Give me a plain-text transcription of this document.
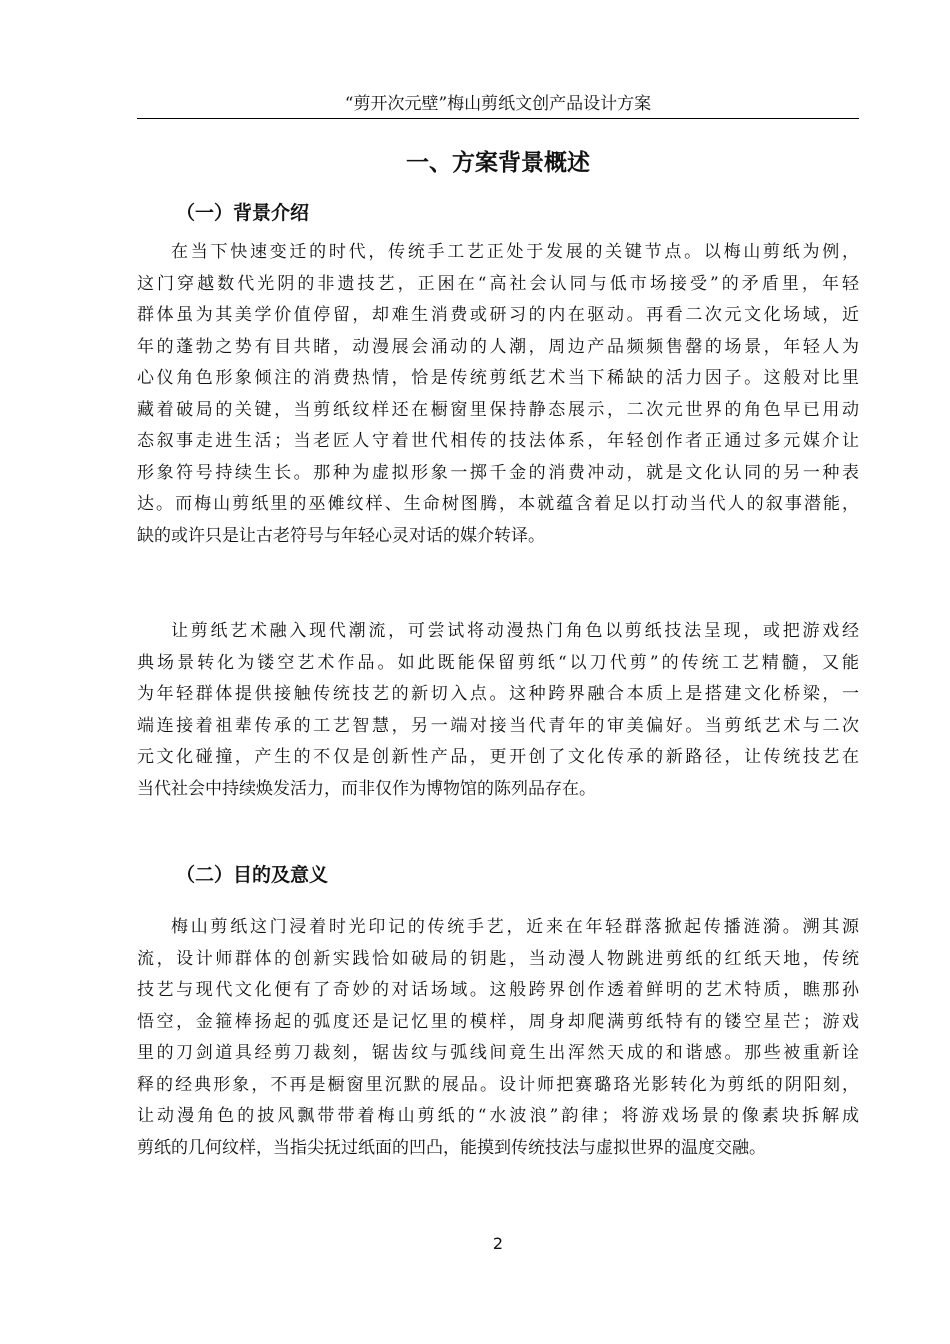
“剪开次元壁”梅山剪纸文创产品设计方案
一、方案背景概述
（一）背景介绍
在当下快速变迁的时代，传统手工艺正处于发展的关键节点。以梅山剪纸为例，
这门穿越数代光阴的非遗技艺，正困在“高社会认同与低市场接受”的矛盾里，年轻
群体虽为其美学价值停留，却难生消费或研习的内在驱动。再看二次元文化场域，近
年的蓬勃之势有目共睹，动漫展会涌动的人潮，周边产品频频售罄的场景，年轻人为
心仪角色形象倾注的消费热情，恰是传统剪纸艺术当下稀缺的活力因子。这般对比里
藏着破局的关键，当剪纸纹样还在橱窗里保持静态展示，二次元世界的角色早已用动
态叙事走进生活；当老匠人守着世代相传的技法体系，年轻创作者正通过多元媒介让
形象符号持续生长。那种为虚拟形象一掷千金的消费冲动，就是文化认同的另一种表
达。而梅山剪纸里的巫傩纹样、生命树图腾，本就蕴含着足以打动当代人的叙事潜能，
缺的或许只是让古老符号与年轻心灵对话的媒介转译。
让剪纸艺术融入现代潮流，可尝试将动漫热门角色以剪纸技法呈现，或把游戏经
典场景转化为镂空艺术作品。如此既能保留剪纸“以刀代剪”的传统工艺精髓，又能
为年轻群体提供接触传统技艺的新切入点。这种跨界融合本质上是搭建文化桥梁，一
端连接着祖辈传承的工艺智慧，另一端对接当代青年的审美偏好。当剪纸艺术与二次
元文化碰撞，产生的不仅是创新性产品，更开创了文化传承的新路径，让传统技艺在
当代社会中持续焕发活力，而非仅作为博物馆的陈列品存在。
（二）目的及意义
梅山剪纸这门浸着时光印记的传统手艺，近来在年轻群落掀起传播涟漪。溯其源
流，设计师群体的创新实践恰如破局的钥匙，当动漫人物跳进剪纸的红纸天地，传统
技艺与现代文化便有了奇妙的对话场域。这般跨界创作透着鲜明的艺术特质，瞧那孙
悟空，金箍棒扬起的弧度还是记忆里的模样，周身却爬满剪纸特有的镂空星芒；游戏
里的刀剑道具经剪刀裁刻，锯齿纹与弧线间竟生出浑然天成的和谐感。那些被重新诠
释的经典形象，不再是橱窗里沉默的展品。设计师把赛璐珞光影转化为剪纸的阴阳刻，
让动漫角色的披风飘带带着梅山剪纸的“水波浪”韵律；将游戏场景的像素块拆解成
剪纸的几何纹样，当指尖抚过纸面的凹凸，能摸到传统技法与虚拟世界的温度交融。
2
